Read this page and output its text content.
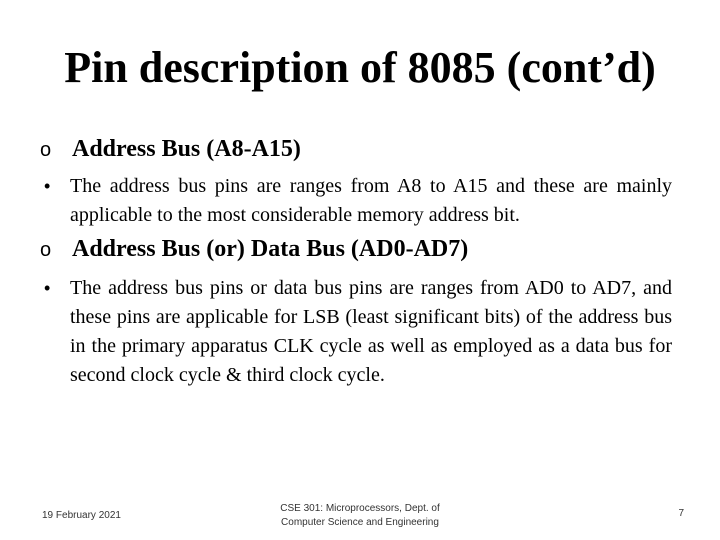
Pin description of 8085 (cont’d)
o Address Bus (A8-A15)
• The address bus pins are ranges from A8 to A15 and these are mainly applicable to the most considerable memory address bit.
o Address Bus (or) Data Bus (AD0-AD7)
• The address bus pins or data bus pins are ranges from AD0 to AD7, and these pins are applicable for LSB (least significant bits) of the address bus in the primary apparatus CLK cycle as well as employed as a data bus for second clock cycle & third clock cycle.
19 February 2021
CSE 301: Microprocessors, Dept. of
Computer Science and Engineering
7
